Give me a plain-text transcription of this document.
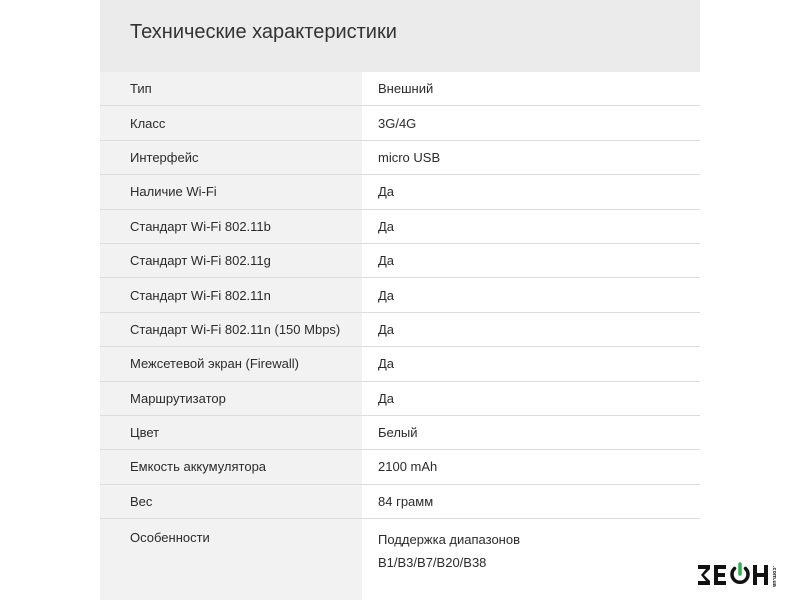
Технические характеристики
Тип
Класс
Интерфейс
Наличие Wi-Fi
Стандарт Wi-Fi 802.11b
Стандарт Wi-Fi 802.11g
Стандарт Wi-Fi 802.11n
Стандарт Wi-Fi 802.11n (150 Mbps)
Межсетевой экран (Firewall)
Маршрутизатор
Цвет
Емкость аккумулятора
Вес
Особенности
Внешний
3G/4G
micro USB
Да
Да
Да
Да
Да
Да
Да
Белый
2100 mAh
84 грамм
Поддержка диапазонов
B1/B3/B7/B20/B38
.com.ua
